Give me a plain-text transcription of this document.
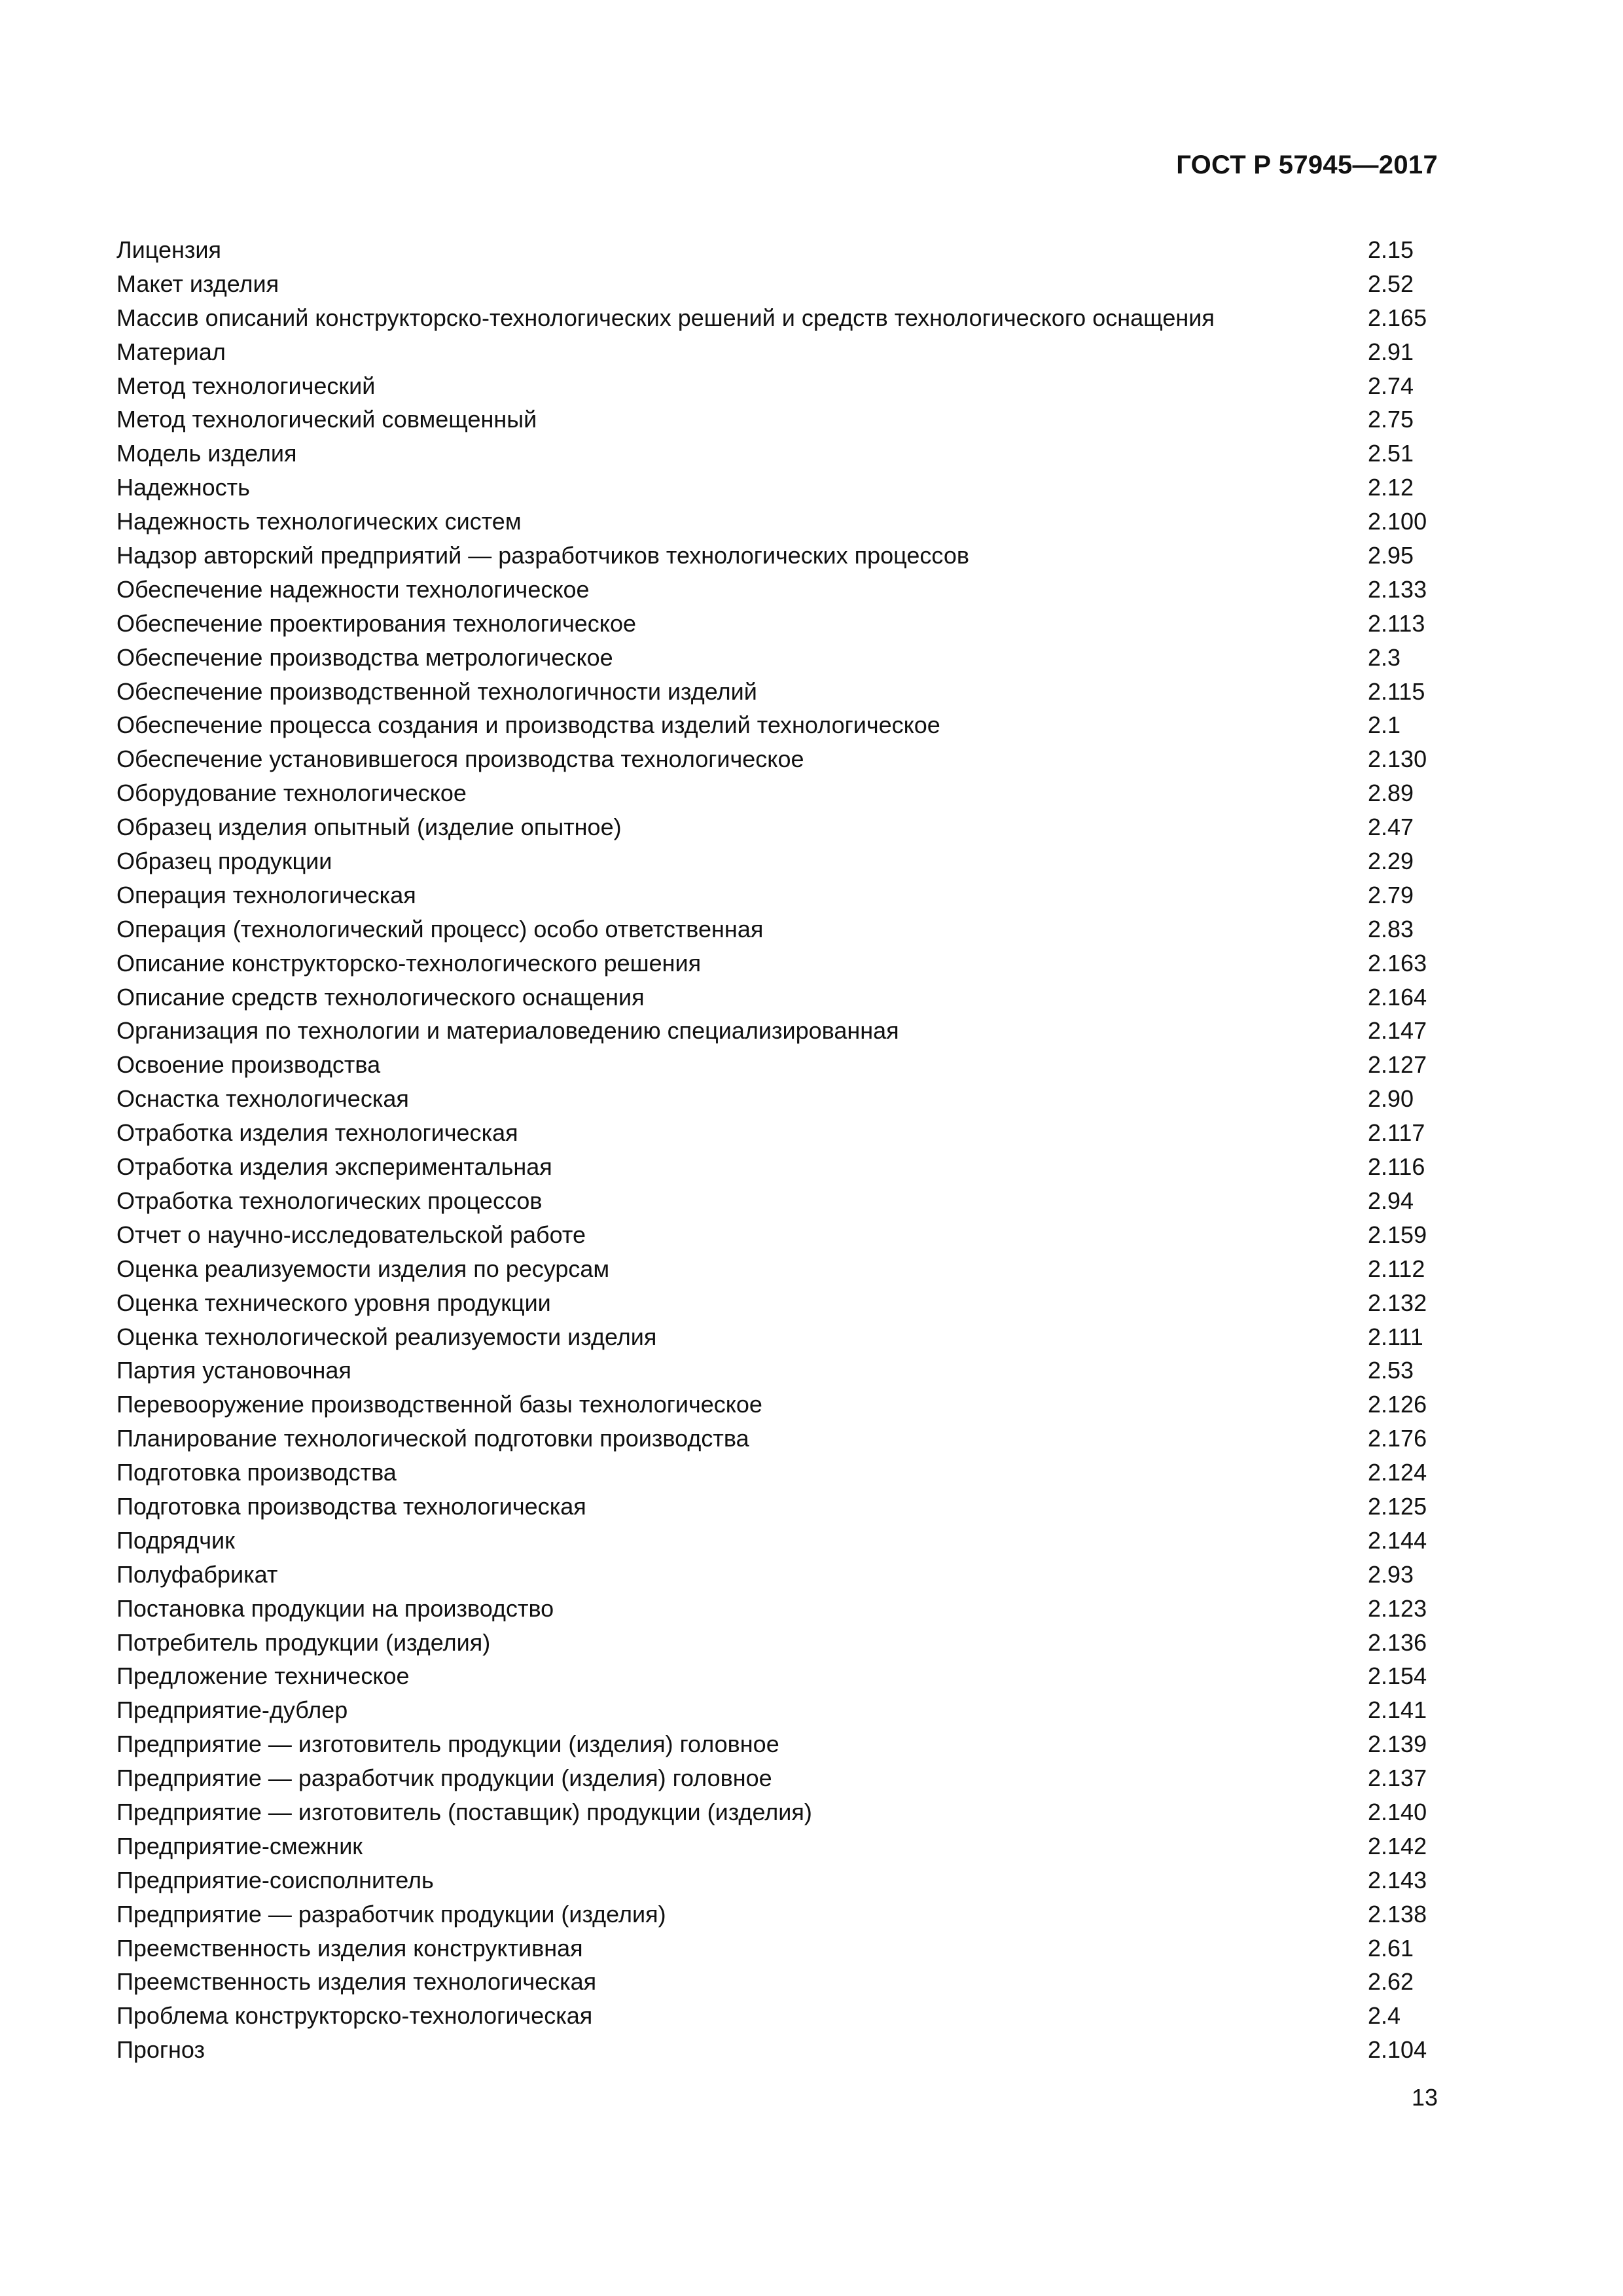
ГОСТ Р 57945—2017
Лицензия	2.15
Макет изделия	2.52
Массив описаний конструкторско-технологических решений и средств технологического оснащения	2.165
Материал	2.91
Метод технологический	2.74
Метод технологический совмещенный	2.75
Модель изделия	2.51
Надежность	2.12
Надежность технологических систем	2.100
Надзор авторский предприятий — разработчиков технологических процессов	2.95
Обеспечение надежности технологическое	2.133
Обеспечение проектирования технологическое	2.113
Обеспечение производства метрологическое	2.3
Обеспечение производственной технологичности изделий	2.115
Обеспечение процесса создания и производства изделий технологическое	2.1
Обеспечение установившегося производства технологическое	2.130
Оборудование технологическое	2.89
Образец изделия опытный (изделие опытное)	2.47
Образец продукции	2.29
Операция технологическая	2.79
Операция (технологический процесс) особо ответственная	2.83
Описание конструкторско-технологического решения	2.163
Описание средств технологического оснащения	2.164
Организация по технологии и материаловедению специализированная	2.147
Освоение производства	2.127
Оснастка технологическая	2.90
Отработка изделия технологическая	2.117
Отработка изделия экспериментальная	2.116
Отработка технологических процессов	2.94
Отчет о научно-исследовательской работе	2.159
Оценка реализуемости изделия по ресурсам	2.112
Оценка технического уровня продукции	2.132
Оценка технологической реализуемости изделия	2.111
Партия установочная	2.53
Перевооружение производственной базы технологическое	2.126
Планирование технологической подготовки производства	2.176
Подготовка производства	2.124
Подготовка производства технологическая	2.125
Подрядчик	2.144
Полуфабрикат	2.93
Постановка продукции на производство	2.123
Потребитель продукции (изделия)	2.136
Предложение техническое	2.154
Предприятие-дублер	2.141
Предприятие — изготовитель продукции (изделия) головное	2.139
Предприятие — разработчик продукции (изделия) головное	2.137
Предприятие — изготовитель (поставщик) продукции (изделия)	2.140
Предприятие-смежник	2.142
Предприятие-соисполнитель	2.143
Предприятие — разработчик продукции (изделия)	2.138
Преемственность изделия конструктивная	2.61
Преемственность изделия технологическая	2.62
Проблема конструкторско-технологическая	2.4
Прогноз	2.104
13
